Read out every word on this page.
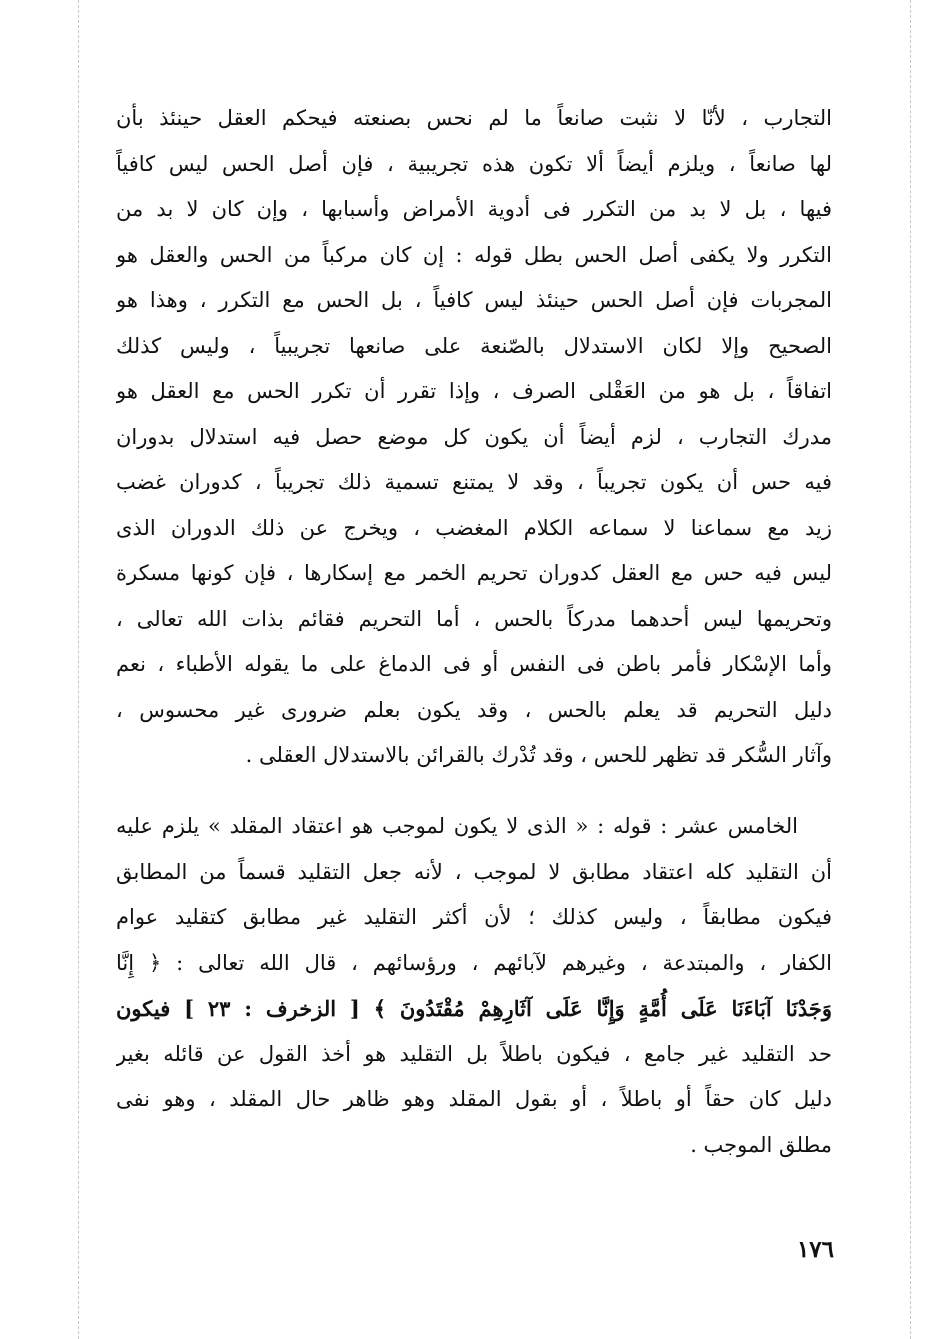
التجارب ، لأنّا لا نثبت صانعاً ما لم نحس بصنعته فيحكم العقل حينئذ بأن
لها صانعاً ، ويلزم أيضاً ألا تكون هذه تجريبية ، فإن أصل الحس ليس كافياً
فيها ، بل لا بد من التكرر فى أدوية الأمراض وأسبابها ، وإن كان لا بد من
التكرر ولا يكفى أصل الحس بطل قوله : إن كان مركباً من الحس والعقل هو
المجربات فإن أصل الحس حينئذ ليس كافياً ، بل الحس مع التكرر ، وهذا هو
الصحيح وإلا لكان الاستدلال بالصّنعة على صانعها تجريبياً ، وليس كذلك
اتفاقاً ، بل هو من العَقْلى الصرف ، وإذا تقرر أن تكرر الحس مع العقل هو
مدرك التجارب ، لزم أيضاً أن يكون كل موضع حصل فيه استدلال بدوران
فيه حس أن يكون تجريباً ، وقد لا يمتنع تسمية ذلك تجريباً ، كدوران غضب
زيد مع سماعنا لا سماعه الكلام المغضب ، ويخرج عن ذلك الدوران الذى
ليس فيه حس مع العقل كدوران تحريم الخمر مع إسكارها ، فإن كونها مسكرة
وتحريمها ليس أحدهما مدركاً بالحس ، أما التحريم فقائم بذات الله تعالى ،
وأما الإسْكار فأمر باطن فى النفس أو فى الدماغ على ما يقوله الأطباء ، نعم
دليل التحريم قد يعلم بالحس ، وقد يكون بعلم ضرورى غير محسوس ،
وآثار السُّكر قد تظهر للحس ، وقد تُدْرك بالقرائن بالاستدلال العقلى .
الخامس عشر : قوله : « الذى لا يكون لموجب هو اعتقاد المقلد » يلزم عليه
أن التقليد كله اعتقاد مطابق لا لموجب ، لأنه جعل التقليد قسماً من المطابق
فيكون مطابقاً ، وليس كذلك ؛ لأن أكثر التقليد غير مطابق كتقليد عوام
الكفار ، والمبتدعة ، وغيرهم لآبائهم ، ورؤسائهم ، قال الله تعالى : ﴿ إِنَّا
وَجَدْنَا آبَاءَنَا عَلَى أُمَّةٍ وَإِنَّا عَلَى آثَارِهِمْ مُقْتَدُونَ ﴾ [ الزخرف : ٢٣ ] فيكون
حد التقليد غير جامع ، فيكون باطلاً بل التقليد هو أخذ القول عن قائله بغير
دليل كان حقاً أو باطلاً ، أو بقول المقلد وهو ظاهر حال المقلد ، وهو نفى
مطلق الموجب .
١٧٦
